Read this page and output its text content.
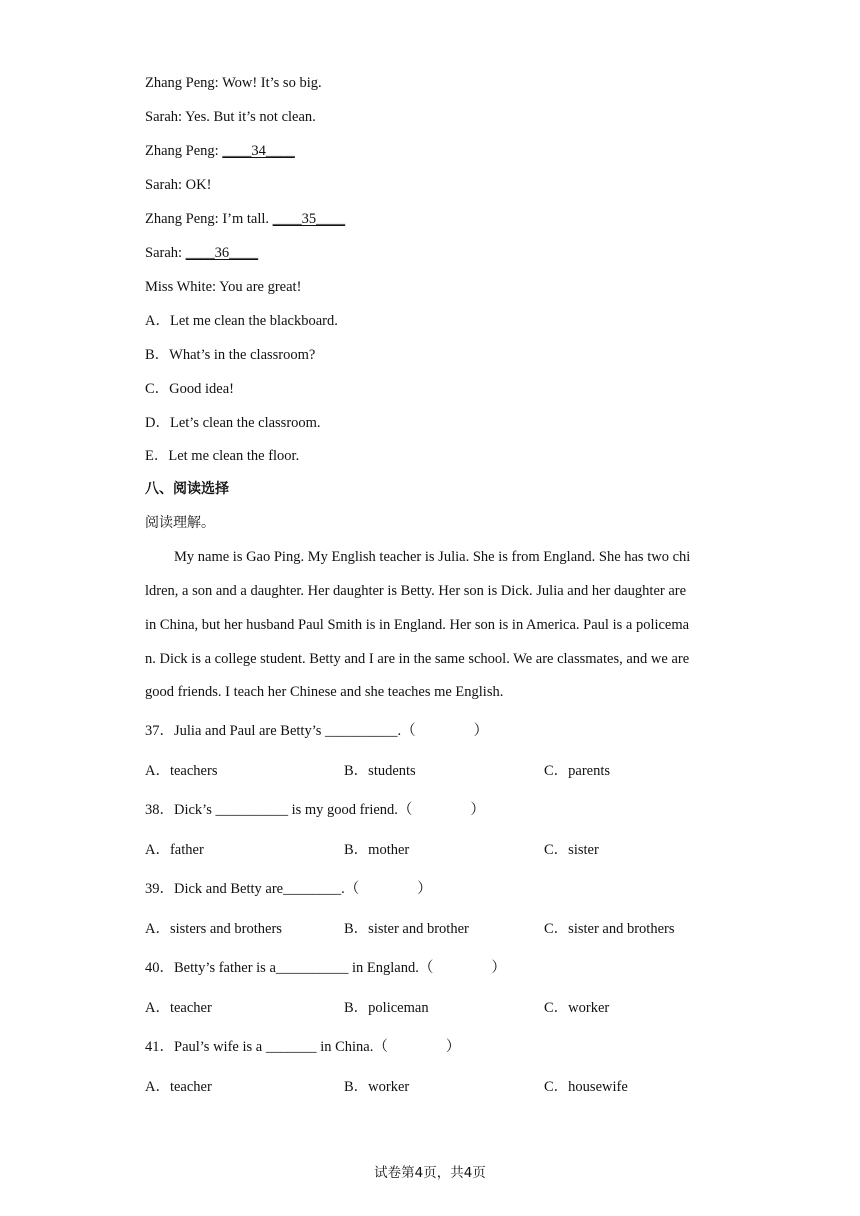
Zhang Peng: Wow! It’s so big.
Sarah: Yes. But it’s not clean.
Zhang Peng: ____34____
Sarah: OK!
Zhang Peng: I’m tall. ____35____
Sarah: ____36____
Miss White: You are great!
A．Let me clean the blackboard.
B．What’s in the classroom?
C．Good idea!
D．Let’s clean the classroom.
E．Let me clean the floor.
八、阅读选择
阅读理解。
My name is Gao Ping. My English teacher is Julia. She is from England. She has two chi
ldren, a son and a daughter. Her daughter is Betty. Her son is Dick. Julia and her daughter are
in China, but her husband Paul Smith is in England. Her son is in America. Paul is a policema
n. Dick is a college student. Betty and I are in the same school. We are classmates, and we are
good friends. I teach her Chinese and she teaches me English.
37．Julia and Paul are Betty’s __________.（　　　　）
A．teachers	B．students	C．parents
38．Dick’s __________ is my good friend.（　　　　）
A．father	B．mother	C．sister
39．Dick and Betty are________.（　　　　）
A．sisters and brothers	B．sister and brother	C．sister and brothers
40．Betty’s father is a__________ in England.（　　　　）
A．teacher	B．policeman	C．worker
41．Paul’s wife is a _______ in China.（　　　　）
A．teacher	B．worker	C．housewife
试卷第4页，共4页
